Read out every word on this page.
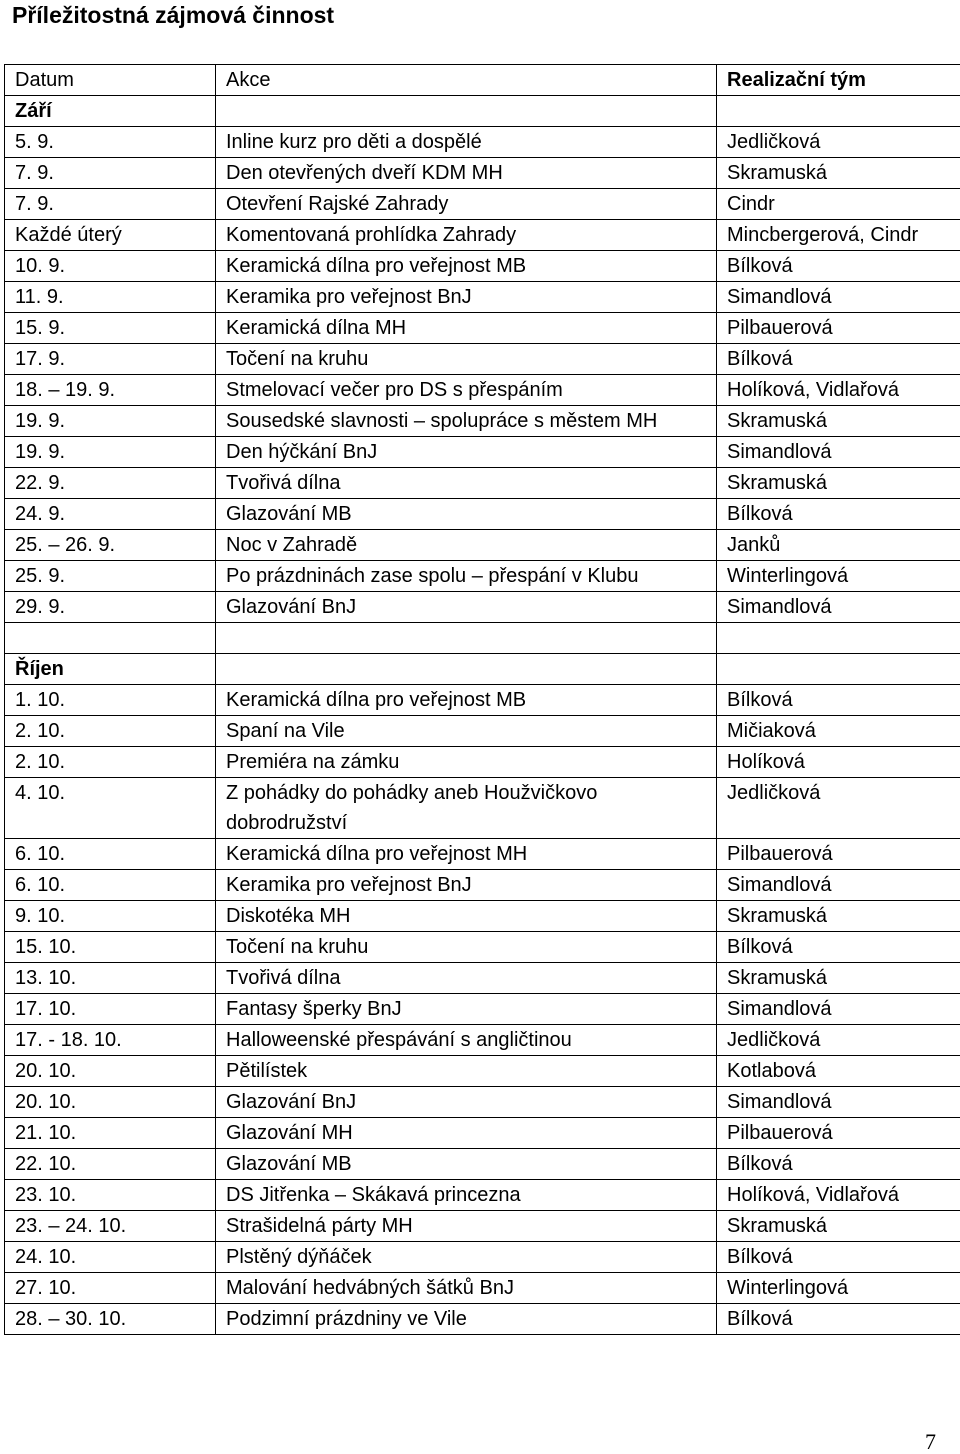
Příležitostná zájmová činnost
Datum	Akce	Realizační tým
Září		
5. 9.	Inline kurz pro děti a dospělé	Jedličková
7. 9.	Den otevřených dveří KDM MH	Skramuská
7. 9.	Otevření Rajské Zahrady	Cindr
Každé úterý	Komentovaná prohlídka Zahrady	Mincbergerová, Cindr
10. 9.	Keramická dílna pro veřejnost MB	Bílková
11. 9.	Keramika pro veřejnost BnJ	Simandlová
15. 9.	Keramická dílna MH	Pilbauerová
17. 9.	Točení na kruhu	Bílková
18. – 19. 9.	Stmelovací večer pro DS s přespáním	Holíková, Vidlařová
19. 9.	Sousedské slavnosti – spolupráce s městem MH	Skramuská
19. 9.	Den hýčkání BnJ	Simandlová
22. 9.	Tvořivá dílna	Skramuská
24. 9.	Glazování MB	Bílková
25. – 26. 9.	Noc v Zahradě	Janků
25. 9.	Po prázdninách zase spolu – přespání v Klubu	Winterlingová
29. 9.	Glazování BnJ	Simandlová

Říjen		
1. 10.	Keramická dílna pro veřejnost MB	Bílková
2. 10.	Spaní na Vile	Mičiaková
2. 10.	Premiéra na zámku	Holíková
4. 10.	Z pohádky do pohádky aneb Houžvičkovo dobrodružství	Jedličková
6. 10.	Keramická dílna pro veřejnost MH	Pilbauerová
6. 10.	Keramika pro veřejnost BnJ	Simandlová
9. 10.	Diskotéka MH	Skramuská
15. 10.	Točení na kruhu	Bílková
13. 10.	Tvořivá dílna	Skramuská
17. 10.	Fantasy šperky BnJ	Simandlová
17. - 18. 10.	Halloweenské přespávání s angličtinou	Jedličková
20. 10.	Pětilístek	Kotlabová
20. 10.	Glazování BnJ	Simandlová
21. 10.	Glazování MH	Pilbauerová
22. 10.	Glazování MB	Bílková
23. 10.	DS Jitřenka – Skákavá princezna	Holíková, Vidlařová
23. – 24. 10.	Strašidelná párty MH	Skramuská
24. 10.	Plstěný dýňáček	Bílková
27. 10.	Malování hedvábných šátků BnJ	Winterlingová
28. – 30. 10.	Podzimní prázdniny ve Vile	Bílková
7
